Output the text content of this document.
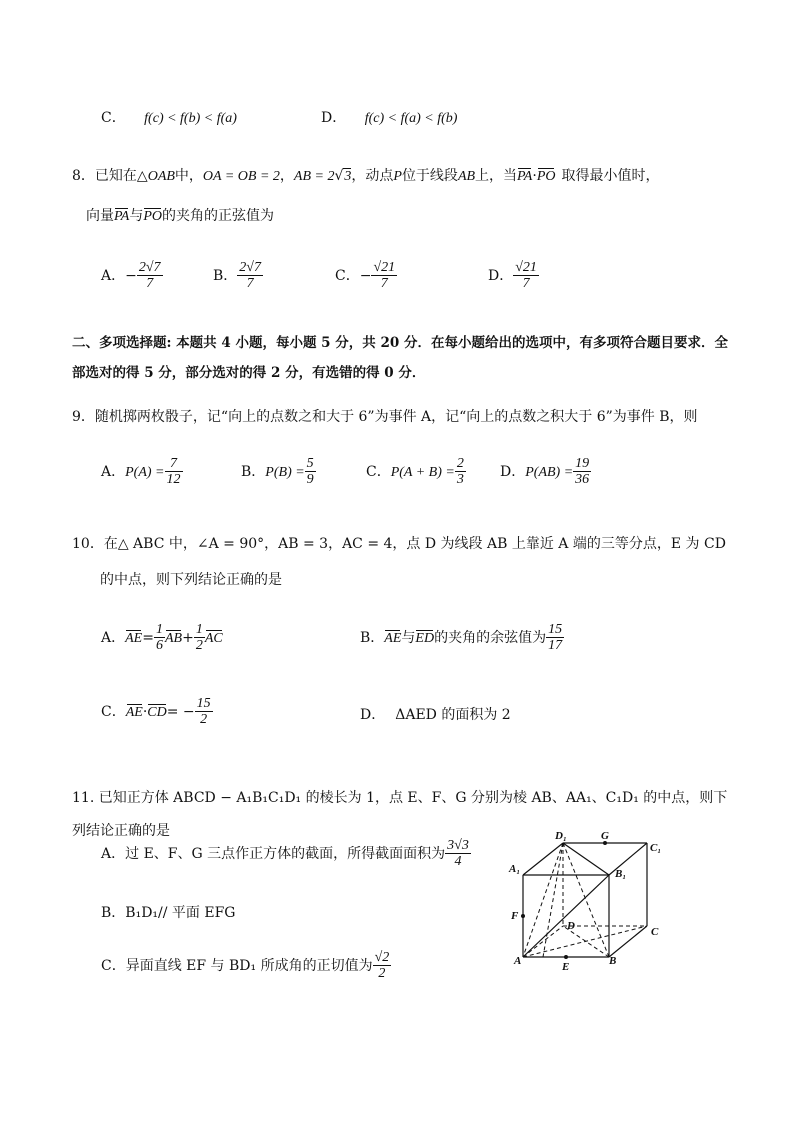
C． f(c) < f(b) < f(a)	D． f(c) < f(a) < f(b)
8．已知在△OAB中，OA = OB = 2，AB = 2√3，动点P位于线段AB上，当PA·PO 取得最小值时，
向量PA与PO的夹角的正弦值为
A．− $\frac{2√7}{7}$	B． $\frac{2√7}{7}$	C．− $\frac{√21}{7}$	D． $\frac{√21}{7}$
二、多项选择题: 本题共 4 小题，每小题 5 分，共 20 分．在每小题给出的选项中，有多项符合题目要求．全
部选对的得 5 分，部分选对的得 2 分，有选错的得 0 分．
9．随机掷两枚骰子，记“向上的点数之和大于 6”为事件 A，记“向上的点数之积大于 6”为事件 B，则
A．$P(A) = \frac{7}{12}$	B．$P(B) = \frac{5}{9}$	C．$P(A + B) = \frac{2}{3}$ D．$P(AB) = \frac{19}{36}$
10．在△ ABC 中，∠A = 90°，AB = 3，AC = 4，点 D 为线段 AB 上靠近 A 端的三等分点，E 为 CD
的中点，则下列结论正确的是
A．$AE= \frac{1}{6} AB+ \frac{1}{2}$ AC	B．AE与ED的夹角的余弦值为 $\frac{15}{17}$
C．$AE\cdot CD= - \frac{15}{2}$	D． ΔAED 的面积为 2
11. 已知正方体 ABCD − A₁B₁C₁D₁ 的棱长为 1，点 E、F、G 分别为棱 AB、AA₁、C₁D₁ 的中点，则下
列结论正确的是
A．过 E、F、G 三点作正方体的截面，所得截面面积为 $\frac{3√3}{4}$
B．B₁D₁// 平面 EFG
C．异面直线 EF 与 BD₁ 所成角的正切值为 $\frac{√2}{2}$
D₁	G
C₁
A₁	B₁
F
D	C
A	E	B
